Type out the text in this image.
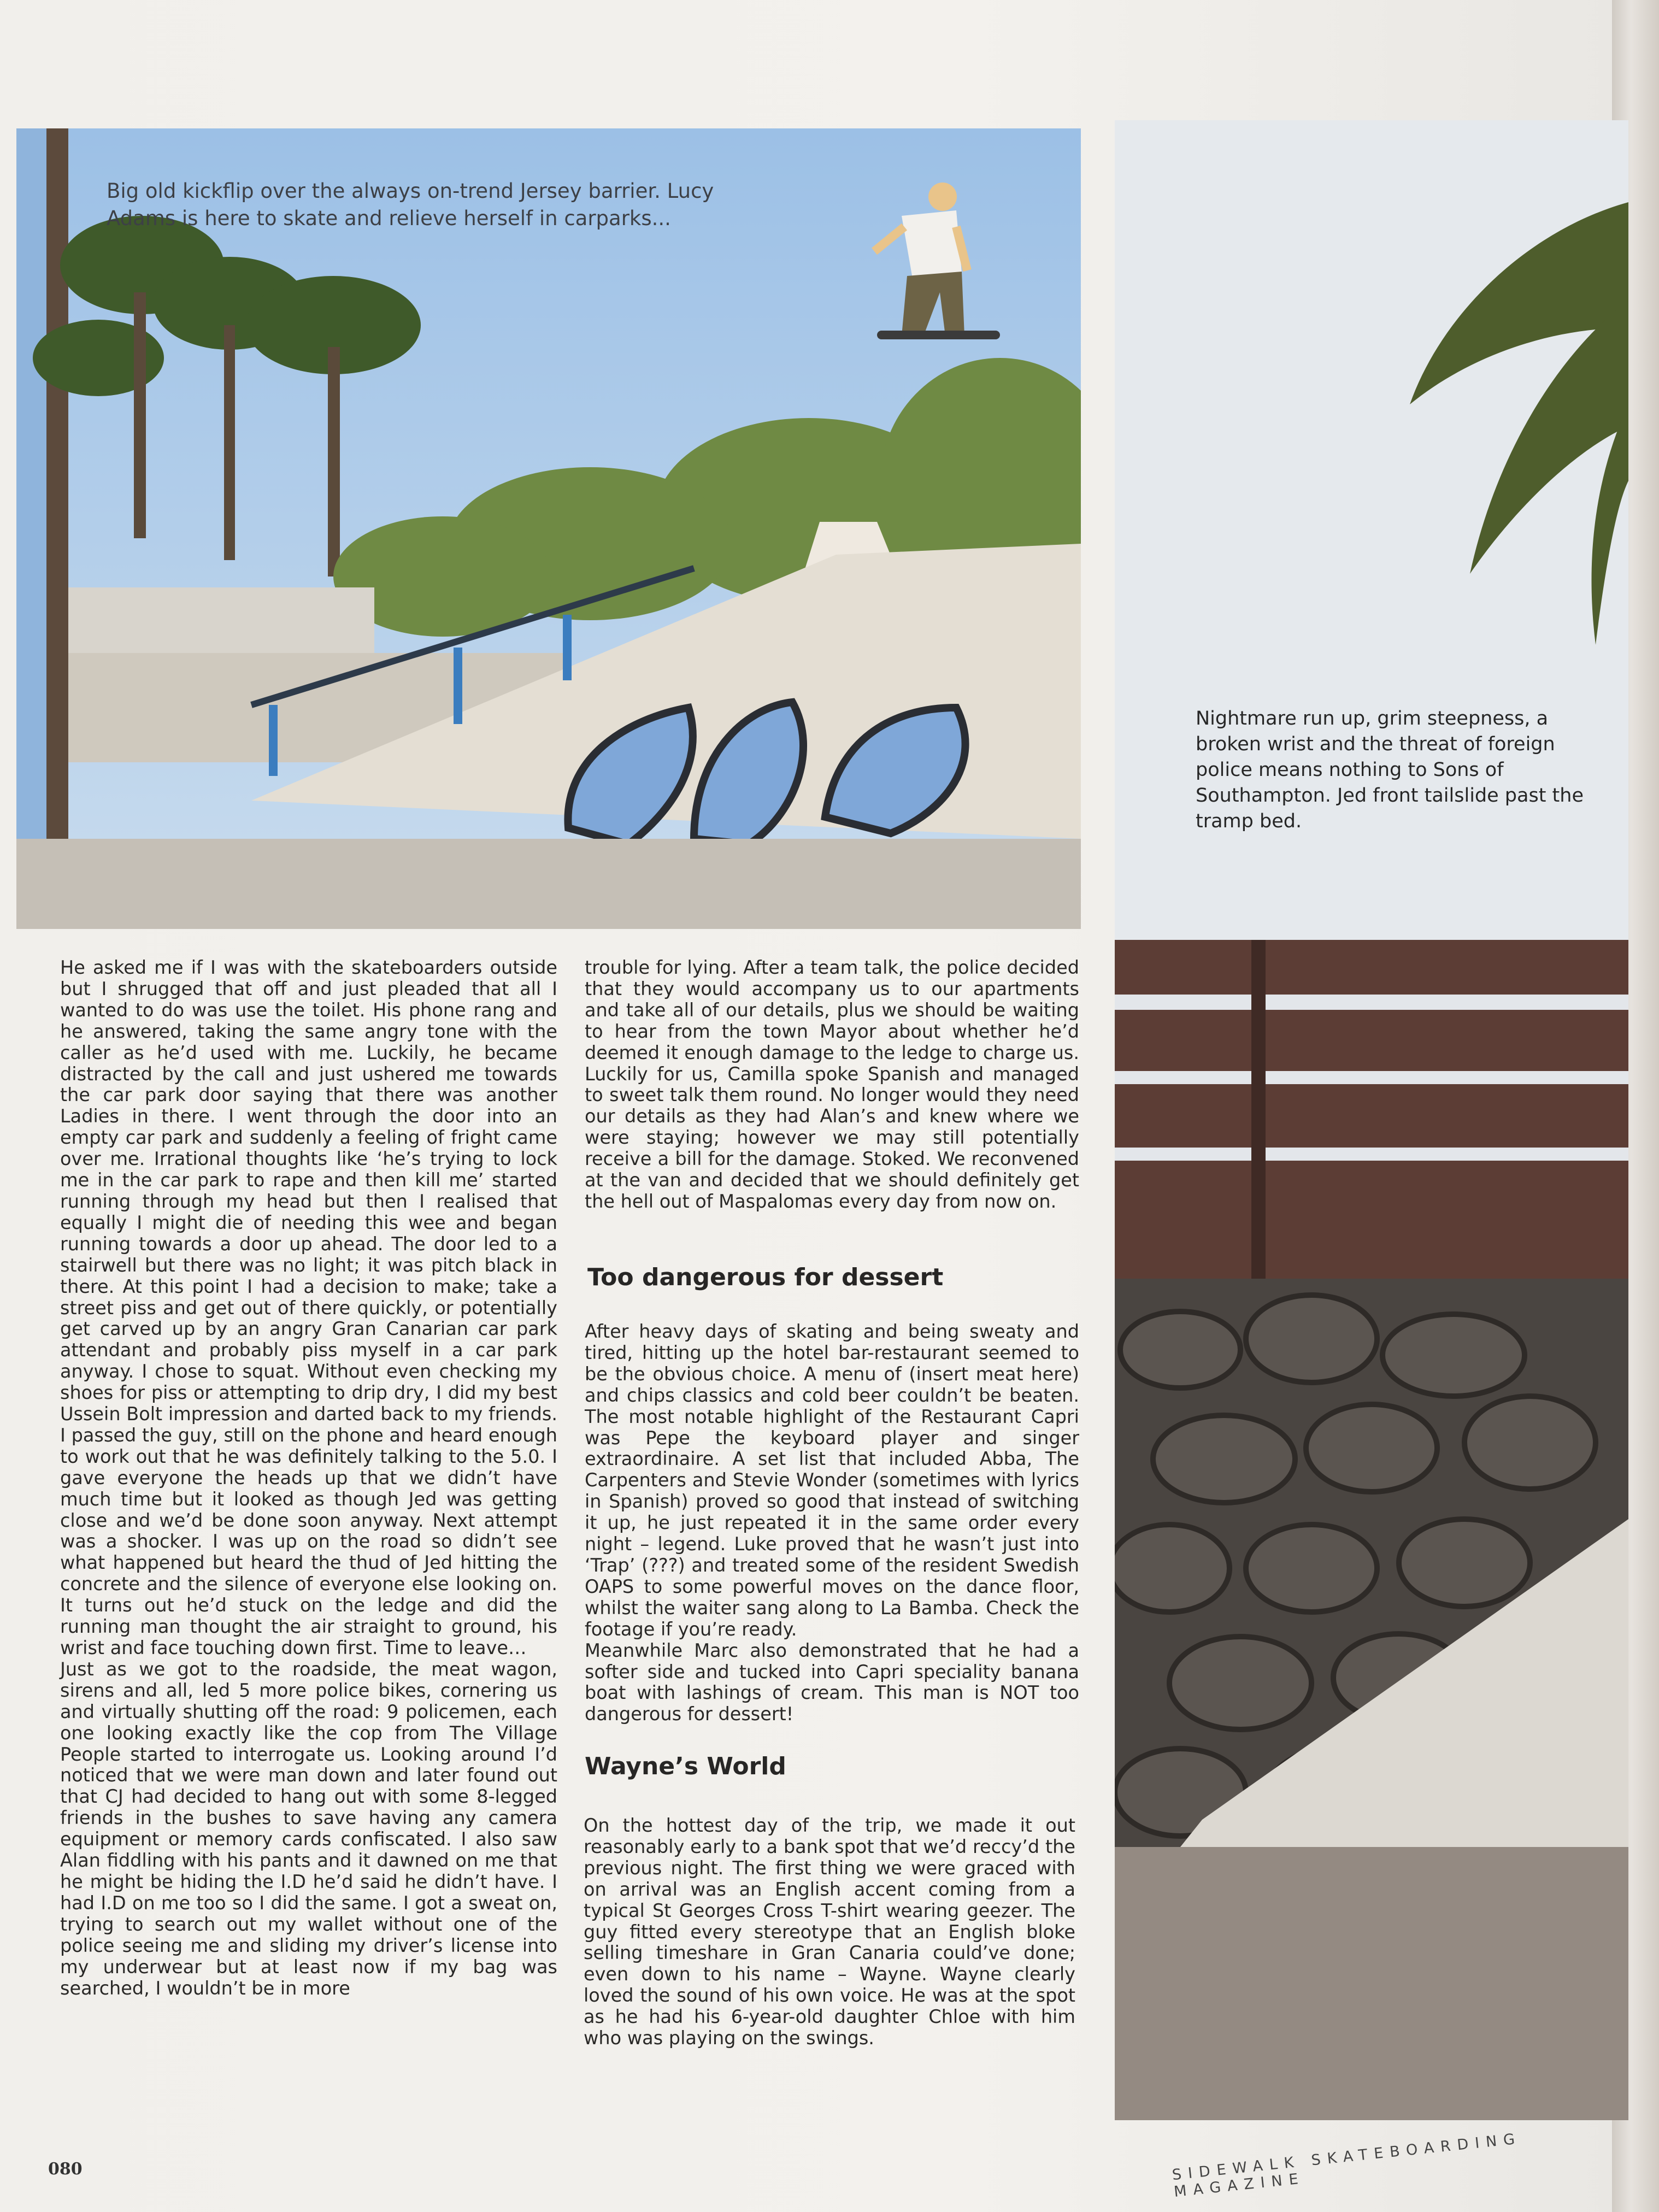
Big old kickflip over the always on-trend Jersey barrier. Lucy Adams is here to skate and relieve herself in carparks...
Nightmare run up, grim steepness, a broken wrist and the threat of foreign police means nothing to Sons of Southampton. Jed front tailslide past the tramp bed.

He asked me if I was with the skateboarders outside but I shrugged that off and just pleaded that all I wanted to do was use the toilet. His phone rang and he answered, taking the same angry tone with the caller as he’d used with me. Luckily, he became distracted by the call and just ushered me towards the car park door saying that there was another Ladies in there. I went through the door into an empty car park and suddenly a feeling of fright came over me. Irrational thoughts like ‘he’s trying to lock me in the car park to rape and then kill me’ started running through my head but then I realised that equally I might die of needing this wee and began running towards a door up ahead. The door led to a stairwell but there was no light; it was pitch black in there. At this point I had a decision to make; take a street piss and get out of there quickly, or potentially get carved up by an angry Gran Canarian car park attendant and probably piss myself in a car park anyway. I chose to squat. Without even checking my shoes for piss or attempting to drip dry, I did my best Ussein Bolt impression and darted back to my friends. I passed the guy, still on the phone and heard enough to work out that he was definitely talking to the 5.0. I gave everyone the heads up that we didn’t have much time but it looked as though Jed was getting close and we’d be done soon anyway. Next attempt was a shocker. I was up on the road so didn’t see what happened but heard the thud of Jed hitting the concrete and the silence of everyone else looking on. It turns out he’d stuck on the ledge and did the running man thought the air straight to ground, his wrist and face touching down first. Time to leave…

Just as we got to the roadside, the meat wagon, sirens and all, led 5 more police bikes, cornering us and virtually shutting off the road: 9 policemen, each one looking exactly like the cop from The Village People started to interrogate us. Looking around I’d noticed that we were man down and later found out that CJ had decided to hang out with some 8-legged friends in the bushes to save having any camera equipment or memory cards confiscated. I also saw Alan fiddling with his pants and it dawned on me that he might be hiding the I.D he’d said he didn’t have. I had I.D on me too so I did the same. I got a sweat on, trying to search out my wallet without one of the police seeing me and sliding my driver’s license into my underwear but at least now if my bag was searched, I wouldn’t be in more

trouble for lying. After a team talk, the police decided that they would accompany us to our apartments and take all of our details, plus we should be waiting to hear from the town Mayor about whether he’d deemed it enough damage to the ledge to charge us. Luckily for us, Camilla spoke Spanish and managed to sweet talk them round. No longer would they need our details as they had Alan’s and knew where we were staying; however we may still potentially receive a bill for the damage. Stoked. We reconvened at the van and decided that we should definitely get the hell out of Maspalomas every day from now on.

Too dangerous for dessert

After heavy days of skating and being sweaty and tired, hitting up the hotel bar-restaurant seemed to be the obvious choice. A menu of (insert meat here) and chips classics and cold beer couldn’t be beaten. The most notable highlight of the Restaurant Capri was Pepe the keyboard player and singer extraordinaire. A set list that included Abba, The Carpenters and Stevie Wonder (sometimes with lyrics in Spanish) proved so good that instead of switching it up, he just repeated it in the same order every night – legend. Luke proved that he wasn’t just into ‘Trap’ (???) and treated some of the resident Swedish OAPS to some powerful moves on the dance floor, whilst the waiter sang along to La Bamba. Check the footage if you’re ready.

Meanwhile Marc also demonstrated that he had a softer side and tucked into Capri speciality banana boat with lashings of cream. This man is NOT too dangerous for dessert!

Wayne’s World

On the hottest day of the trip, we made it out reasonably early to a bank spot that we’d reccy’d the previous night. The first thing we were graced with on arrival was an English accent coming from a typical St Georges Cross T-shirt wearing geezer. The guy fitted every stereotype that an English bloke selling timeshare in Gran Canaria could’ve done; even down to his name – Wayne. Wayne clearly loved the sound of his own voice. He was at the spot as he had his 6-year-old daughter Chloe with him who was playing on the swings.

080	SIDEWALK SKATEBOARDING MAGAZINE
